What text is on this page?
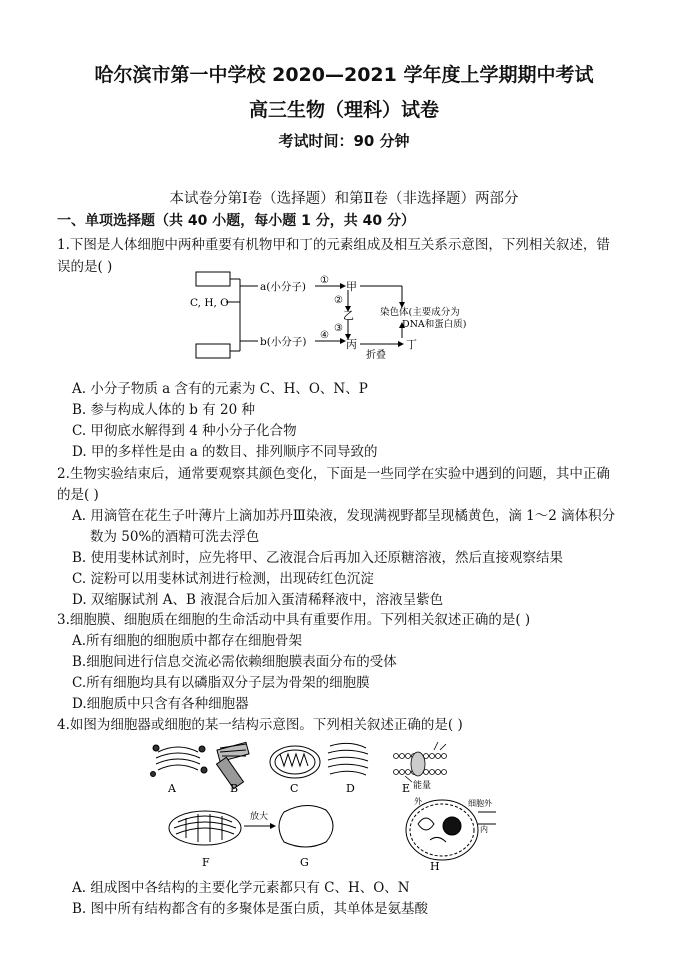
哈尔滨市第一中学校 2020—2021 学年度上学期期中考试
高三生物（理科）试卷
考试时间：90 分钟
本试卷分第Ⅰ卷（选择题）和第Ⅱ卷（非选择题）两部分
一、单项选择题（共 40 小题，每小题 1 分，共 40 分）
1.下图是人体细胞中两种重要有机物甲和丁的元素组成及相互关系示意图，下列相关叙述，错
误的是( )
C, H, O
a(小分子)
b(小分子)
①
④
②
③
甲
乙
丙	丁
折叠
染色体(主要成分为
DNA和蛋白质)
A. 小分子物质 a 含有的元素为 C、H、O、N、P
B. 参与构成人体的 b 有 20 种
C. 甲彻底水解得到 4 种小分子化合物
D. 甲的多样性是由 a 的数目、排列顺序不同导致的
2.生物实验结束后，通常要观察其颜色变化，下面是一些同学在实验中遇到的问题，其中正确
的是( )
A. 用滴管在花生子叶薄片上滴加苏丹Ⅲ染液，发现满视野都呈现橘黄色，滴 1～2 滴体积分
数为 50%的酒精可洗去浮色
B. 使用斐林试剂时，应先将甲、乙液混合后再加入还原糖溶液，然后直接观察结果
C. 淀粉可以用斐林试剂进行检测，出现砖红色沉淀
D. 双缩脲试剂 A、B 液混合后加入蛋清稀释液中，溶液呈紫色
3.细胞膜、细胞质在细胞的生命活动中具有重要作用。下列相关叙述正确的是( )
A.所有细胞的细胞质中都存在细胞骨架
B.细胞间进行信息交流必需依赖细胞膜表面分布的受体
C.所有细胞均具有以磷脂双分子层为骨架的细胞膜
D.细胞质中只含有各种细胞器
4.如图为细胞器或细胞的某一结构示意图。下列相关叙述正确的是( )
能量
A	B	C	D	E
放大
细胞外
外
内
F	G	H
A. 组成图中各结构的主要化学元素都只有 C、H、O、N
B. 图中所有结构都含有的多聚体是蛋白质，其单体是氨基酸
